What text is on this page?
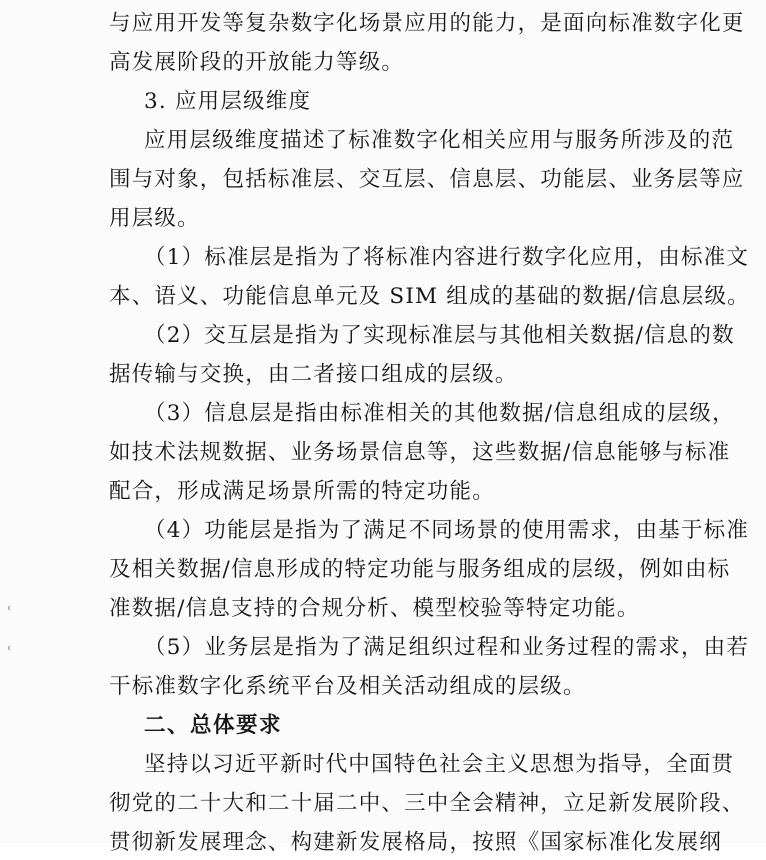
与应用开发等复杂数字化场景应用的能力，是面向标准数字化更
高发展阶段的开放能力等级。
3. 应用层级维度
应用层级维度描述了标准数字化相关应用与服务所涉及的范
围与对象，包括标准层、交互层、信息层、功能层、业务层等应
用层级。
（1）标准层是指为了将标准内容进行数字化应用，由标准文
本、语义、功能信息单元及 SIM 组成的基础的数据/信息层级。
（2）交互层是指为了实现标准层与其他相关数据/信息的数
据传输与交换，由二者接口组成的层级。
（3）信息层是指由标准相关的其他数据/信息组成的层级，
如技术法规数据、业务场景信息等，这些数据/信息能够与标准
配合，形成满足场景所需的特定功能。
（4）功能层是指为了满足不同场景的使用需求，由基于标准
及相关数据/信息形成的特定功能与服务组成的层级，例如由标
准数据/信息支持的合规分析、模型校验等特定功能。
（5）业务层是指为了满足组织过程和业务过程的需求，由若
干标准数字化系统平台及相关活动组成的层级。
二、总体要求
坚持以习近平新时代中国特色社会主义思想为指导，全面贯
彻党的二十大和二十届二中、三中全会精神，立足新发展阶段、
贯彻新发展理念、构建新发展格局，按照《国家标准化发展纲
